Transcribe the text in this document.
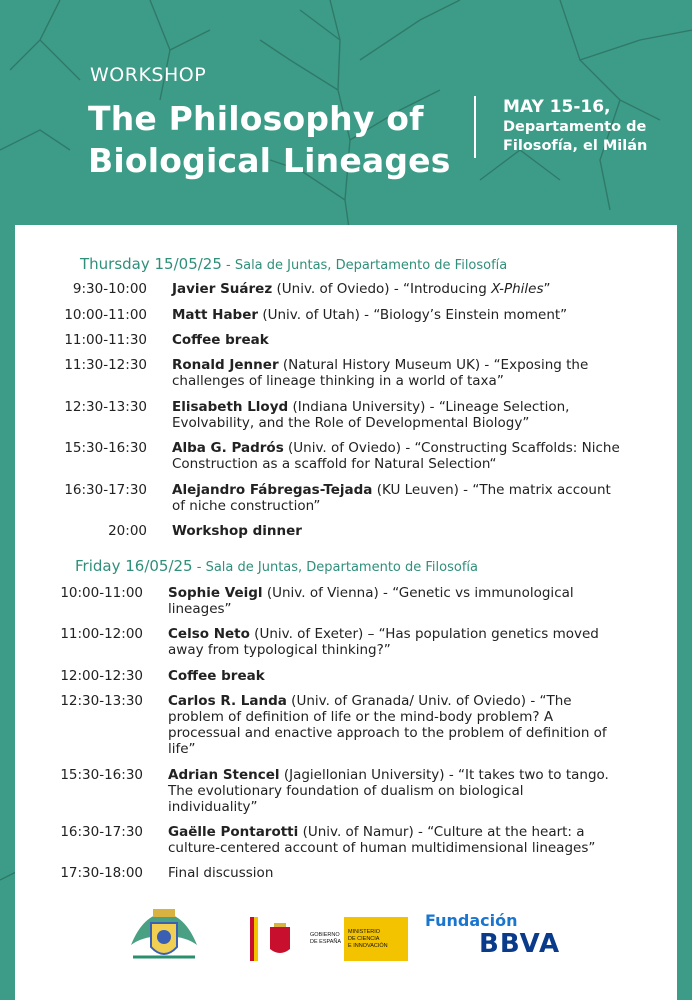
WORKSHOP
The Philosophy of
Biological Lineages
MAY 15-16,
Departamento de
Filosofía, el Milán
Thursday 15/05/25 - Sala de Juntas, Departamento de Filosofía
9:30-10:00 Javier Suárez (Univ. of Oviedo) - “Introducing X-Philes”
10:00-11:00 Matt Haber (Univ. of Utah) - “Biology’s Einstein moment”
11:00-11:30 Coffee break
11:30-12:30 Ronald Jenner (Natural History Museum UK) - “Exposing the challenges of lineage thinking in a world of taxa”
12:30-13:30 Elisabeth Lloyd (Indiana University) - “Lineage Selection, Evolvability, and the Role of Developmental Biology”
15:30-16:30 Alba G. Padrós (Univ. of Oviedo) - “Constructing Scaffolds: Niche Construction as a scaffold for Natural Selection“
16:30-17:30 Alejandro Fábregas-Tejada (KU Leuven) - “The matrix account of niche construction”
20:00 Workshop dinner
Friday 16/05/25 - Sala de Juntas, Departamento de Filosofía
10:00-11:00 Sophie Veigl (Univ. of Vienna) - “Genetic vs immunological lineages”
11:00-12:00 Celso Neto (Univ. of Exeter) – “Has population genetics moved away from typological thinking?”
12:00-12:30 Coffee break
12:30-13:30 Carlos R. Landa (Univ. of Granada/ Univ. of Oviedo) - “The problem of definition of life or the mind-body problem? A processual and enactive approach to the problem of definition of life”
15:30-16:30 Adrian Stencel (Jagiellonian University) - “It takes two to tango. The evolutionary foundation of dualism on biological individuality”
16:30-17:30 Gaëlle Pontarotti (Univ. of Namur) - “Culture at the heart: a culture-centered account of human multidimensional lineages”
17:30-18:00 Final discussion
GOBIERNO
DE ESPAÑA
MINISTERIO
DE CIENCIA
E INNOVACIÓN
Fundación
BBVA
